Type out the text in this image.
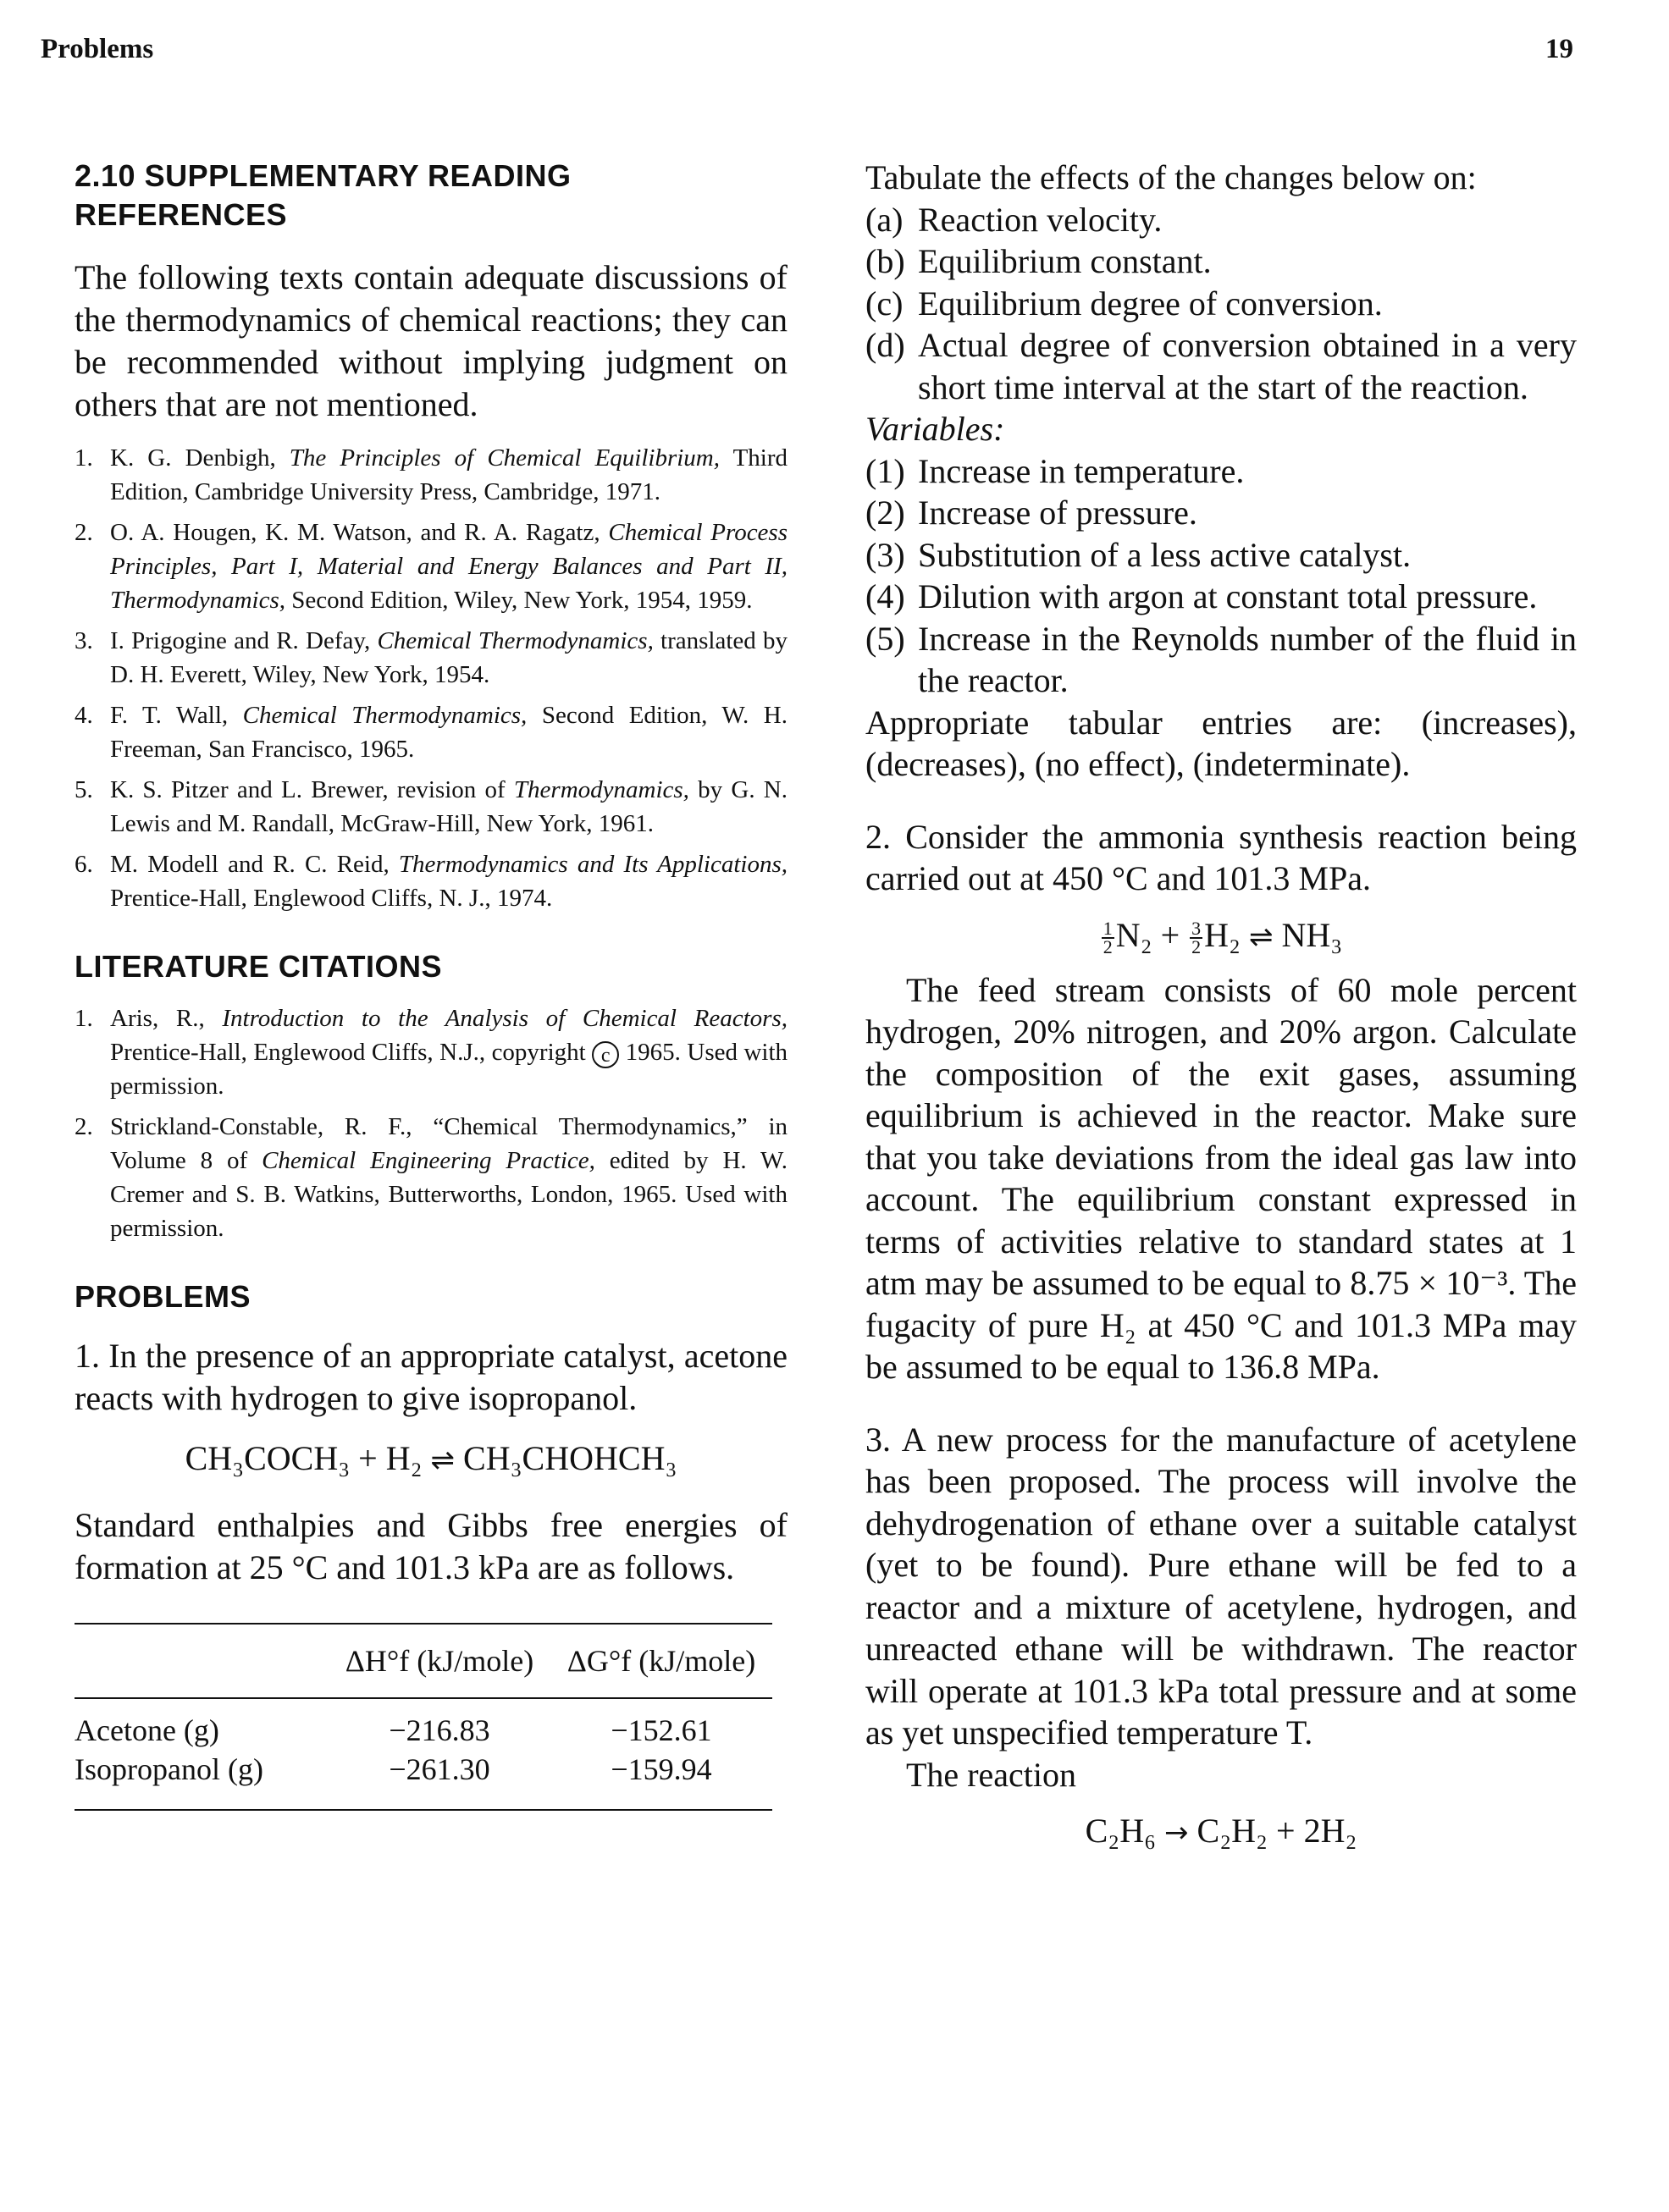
Problems	19
2.10 SUPPLEMENTARY READING
REFERENCES

The following texts contain adequate discussions of the thermodynamics of chemical reactions; they can be recommended without implying judgment on others that are not mentioned.

1. K. G. Denbigh, The Principles of Chemical Equilibrium, Third Edition, Cambridge University Press, Cambridge, 1971.
2. O. A. Hougen, K. M. Watson, and R. A. Ragatz, Chemical Process Principles, Part I, Material and Energy Balances and Part II, Thermodynamics, Second Edition, Wiley, New York, 1954, 1959.
3. I. Prigogine and R. Defay, Chemical Thermodynamics, translated by D. H. Everett, Wiley, New York, 1954.
4. F. T. Wall, Chemical Thermodynamics, Second Edition, W. H. Freeman, San Francisco, 1965.
5. K. S. Pitzer and L. Brewer, revision of Thermodynamics, by G. N. Lewis and M. Randall, McGraw-Hill, New York, 1961.
6. M. Modell and R. C. Reid, Thermodynamics and Its Applications, Prentice-Hall, Englewood Cliffs, N. J., 1974.
LITERATURE CITATIONS
1. Aris, R., Introduction to the Analysis of Chemical Reactors, Prentice-Hall, Englewood Cliffs, N.J., copyright c 1965. Used with permission.
2. Strickland-Constable, R. F., “Chemical Thermodynamics,” in Volume 8 of Chemical Engineering Practice, edited by H. W. Cremer and S. B. Watkins, Butterworths, London, 1965. Used with permission.
PROBLEMS

1. In the presence of an appropriate catalyst, acetone reacts with hydrogen to give isopropanol.

CH₃COCH₃ + H₂ ⇌ CH₃CHOHCH₃

Standard enthalpies and Gibbs free energies of formation at 25 °C and 101.3 kPa are as follows.

	ΔH°f (kJ/mole)	ΔG°f (kJ/mole)
Acetone (g)	−216.83	−152.61
Isopropanol (g)	−261.30	−159.94

Tabulate the effects of the changes below on:

(a) Reaction velocity.
(b) Equilibrium constant.
(c) Equilibrium degree of conversion.
(d) Actual degree of conversion obtained in a very short time interval at the start of the reaction.

Variables:

(1) Increase in temperature.
(2) Increase of pressure.
(3) Substitution of a less active catalyst.
(4) Dilution with argon at constant total pressure.
(5) Increase in the Reynolds number of the fluid in the reactor.

Appropriate tabular entries are: (increases), (decreases), (no effect), (indeterminate).

2. Consider the ammonia synthesis reaction being carried out at 450 °C and 101.3 MPa.

$\frac{1}{2} N_2 + \frac{3}{2} H_2$ ⇌ NH₃

The feed stream consists of 60 mole percent hydrogen, 20% nitrogen, and 20% argon. Calculate the composition of the exit gases, assuming equilibrium is achieved in the reactor. Make sure that you take deviations from the ideal gas law into account. The equilibrium constant expressed in terms of activities relative to standard states at 1 atm may be assumed to be equal to 8.75 × 10⁻³. The fugacity of pure H₂ at 450 °C and 101.3 MPa may be assumed to be equal to 136.8 MPa.

3. A new process for the manufacture of acetylene has been proposed. The process will involve the dehydrogenation of ethane over a suitable catalyst (yet to be found). Pure ethane will be fed to a reactor and a mixture of acetylene, hydrogen, and unreacted ethane will be withdrawn. The reactor will operate at 101.3 kPa total pressure and at some as yet unspecified temperature T.

The reaction

C₂H₆ → C₂H₂ + 2H₂
